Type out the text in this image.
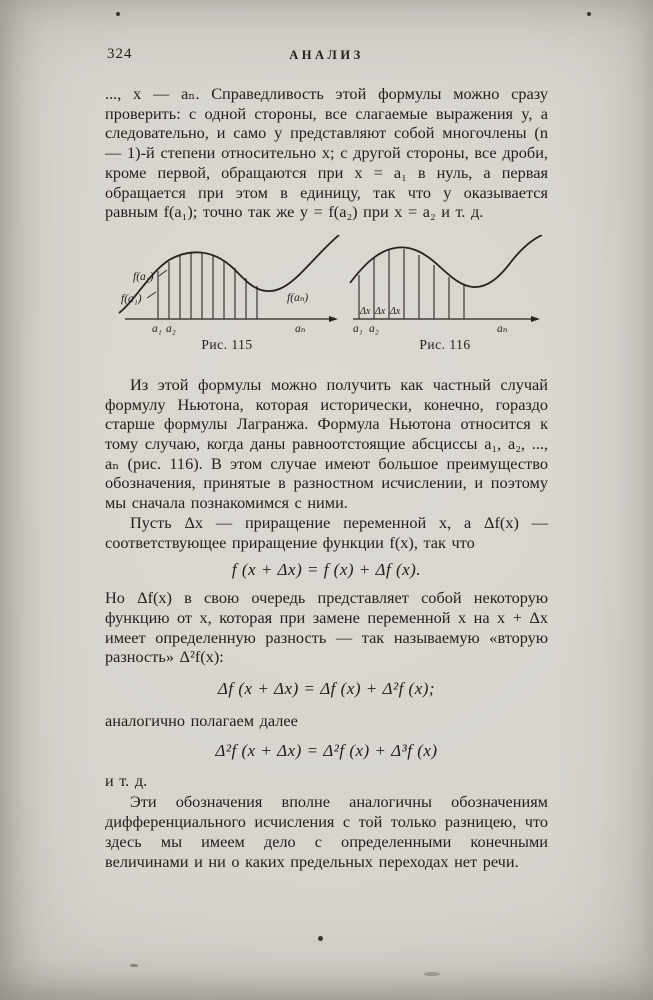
324	АНАЛИЗ

..., x — aₙ. Справедливость этой формулы можно сразу проверить: с одной стороны, все слагаемые выражения y, а следовательно, и само y представляют собой многочлены (n — 1)-й степени относительно x; с другой стороны, все дроби, кроме первой, обращаются при x = a₁ в нуль, а первая обращается при этом в единицу, так что y оказывается равным f(a₁); точно так же y = f(a₂) при x = a₂ и т. д.

f(a₁)
f(a₂)
f(aₙ)
a₁ a₂	aₙ
Рис. 115
Δx Δx Δx
a₁ a₂	aₙ
Рис. 116

Из этой формулы можно получить как частный случай формулу Ньютона, которая исторически, конечно, гораздо старше формулы Лагранжа. Формула Ньютона относится к тому случаю, когда даны равноотстоящие абсциссы a₁, a₂, ..., aₙ (рис. 116). В этом случае имеют большое преимущество обозначения, принятые в разностном исчислении, и поэтому мы сначала познакомимся с ними.

Пусть Δx — приращение переменной x, а Δf(x) — соответствующее приращение функции f(x), так что

f (x + Δx) = f (x) + Δf (x).

Но Δf(x) в свою очередь представляет собой некоторую функцию от x, которая при замене переменной x на x + Δx имеет определенную разность — так называемую «вторую разность» Δ²f(x):

Δf (x + Δx) = Δf (x) + Δ²f (x);

аналогично полагаем далее

Δ²f (x + Δx) = Δ²f (x) + Δ³f (x)

и т. д.

Эти обозначения вполне аналогичны обозначениям дифференциального исчисления с той только разницею, что здесь мы имеем дело с определенными конечными величинами и ни о каких предельных переходах нет речи.
